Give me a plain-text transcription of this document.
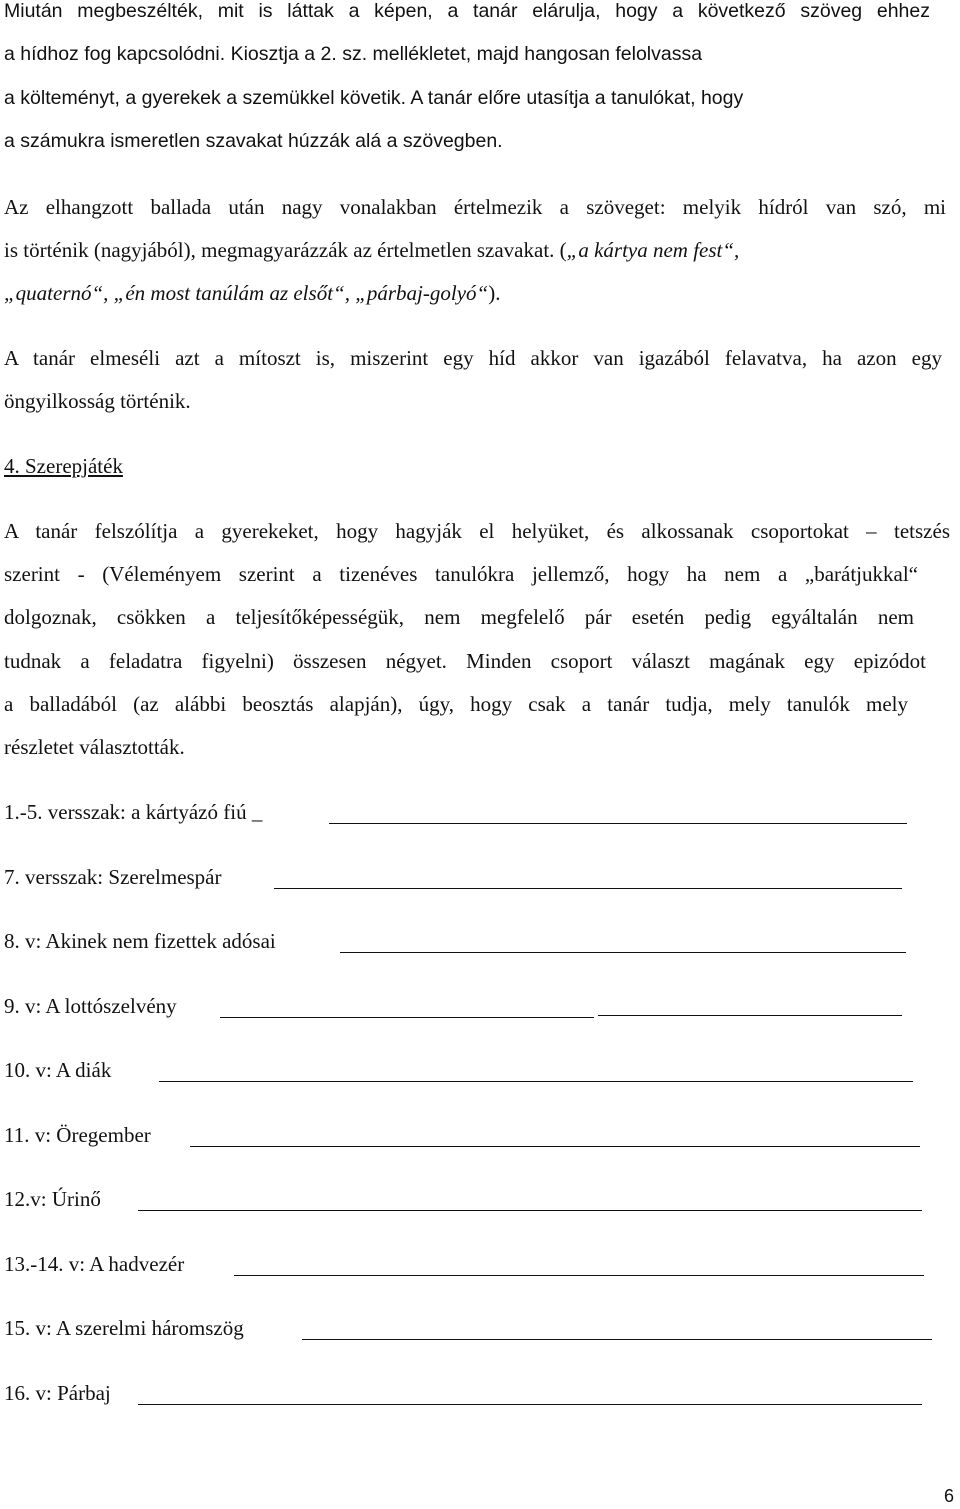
Miután megbeszélték, mit is láttak a képen, a tanár elárulja, hogy a következő szöveg ehhez
a hídhoz fog kapcsolódni. Kiosztja a 2. sz. mellékletet, majd hangosan felolvassa
a költeményt, a gyerekek a szemükkel követik. A tanár előre utasítja a tanulókat, hogy
a számukra ismeretlen szavakat húzzák alá a szövegben.
Az elhangzott ballada után nagy vonalakban értelmezik a szöveget: melyik hídról van szó, mi
is történik (nagyjából), megmagyarázzák az értelmetlen szavakat. („a kártya nem fest“,
„quaternó“, „én most tanúlám az elsőt“, „párbaj-golyó“).
A tanár elmeséli azt a mítoszt is, miszerint egy híd akkor van igazából felavatva, ha azon egy
öngyilkosság történik.
4. Szerepjáték
A tanár felszólítja a gyerekeket, hogy hagyják el helyüket, és alkossanak csoportokat – tetszés
szerint - (Véleményem szerint a tizenéves tanulókra jellemző, hogy ha nem a „barátjukkal“
dolgoznak, csökken a teljesítőképességük, nem megfelelő pár esetén pedig egyáltalán nem
tudnak a feladatra figyelni) összesen négyet. Minden csoport választ magának egy epizódot
a balladából (az alábbi beosztás alapján), úgy, hogy csak a tanár tudja, mely tanulók mely
részletet választották.
1.-5. versszak: a kártyázó fiú _
7. versszak: Szerelmespár
8. v: Akinek nem fizettek adósai
9. v: A lottószelvény
10. v: A diák
11. v: Öregember
12.v: Úrinő
13.-14. v: A hadvezér
15. v: A szerelmi háromszög
16. v: Párbaj
6
